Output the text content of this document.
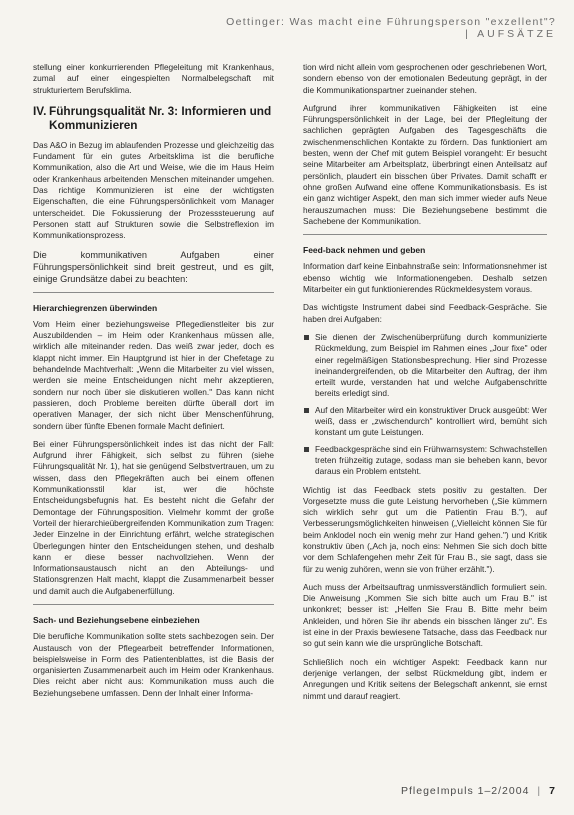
Oettinger: Was macht eine Führungsperson "exzellent"?| AUFSÄTZE

stellung einer konkurrierenden Pflegeleitung mit Krankenhaus, zumal auf einer eingespielten Normalbelegschaft mit strukturiertem Berufsklima.

IV. Führungsqualität Nr. 3: Informieren und
Kommunizieren

Das A&O in Bezug im ablaufenden Prozesse und gleichzeitig das Fundament für ein gutes Arbeitsklima ist die berufliche Kommunikation, also die Art und Weise, wie die im Haus Heim oder Krankenhaus arbeitenden Menschen miteinander umgehen. Das richtige Kommunizieren ist eine der wichtigsten Eigenschaften, die eine Führungspersönlichkeit vom Manager unterscheidet. Die Fokussierung der Prozesssteuerung auf Personen statt auf Strukturen sowie die Selbstreflexion im Kommunikationsprozess.

Die kommunikativen Aufgaben einer Führungspersönlichkeit sind breit gestreut, und es gilt, einige Grundsätze dabei zu beachten:

Hierarchiegrenzen überwinden

Vom Heim einer beziehungsweise Pflegedienstleiter bis zur Auszubildenden – im Heim oder Krankenhaus müssen alle, wirklich alle miteinander reden. Das weiß zwar jeder, doch es klappt nicht immer. Ein Hauptgrund ist hier in der Chefetage zu behandelnde Machtverhalt: „Wenn die Mitarbeiter zu viel wissen, werden sie meine Entscheidungen nicht mehr akzeptieren, sondern nur noch über sie diskutieren wollen." Das kann nicht passieren, doch Probleme bereiten dürfte überall dort im operativen Manager, der sich nicht über Menschenführung, sondern über fünfte Ebenen formale Macht definiert.

Bei einer Führungspersönlichkeit indes ist das nicht der Fall: Aufgrund ihrer Fähigkeit, sich selbst zu führen (siehe Führungsqualität Nr. 1), hat sie genügend Selbstvertrauen, um zu wissen, dass den Pflegekräften auch bei einem offenen Kommunikationsstil klar ist, wer die höchste Entscheidungsbefugnis hat. Es besteht nicht die Gefahr der Demontage der Führungsposition. Vielmehr kommt der große Vorteil der hierarchieübergreifenden Kommunikation zum Tragen: Jeder Einzelne in der Einrichtung erfährt, welche strategischen Überlegungen hinter den Entscheidungen stehen, und deshalb kann er diese besser nachvollziehen. Wenn der Informationsaustausch nicht an den Abteilungs- und Stationsgrenzen Halt macht, klappt die Zusammenarbeit besser und damit auch die Aufgabenerfüllung.

Sach- und Beziehungsebene einbeziehen

Die berufliche Kommunikation sollte stets sachbezogen sein. Der Austausch von der Pflegearbeit betreffender Informationen, beispielsweise in Form des Patientenblattes, ist die Basis der organisierten Zusammenarbeit auch im Heim oder Krankenhaus. Dies reicht aber nicht aus: Kommunikation muss auch die Beziehungsebene umfassen. Denn der Inhalt einer Informa-

tion wird nicht allein vom gesprochenen oder geschriebenen Wort, sondern ebenso von der emotionalen Bedeutung geprägt, in der die Kommunikationspartner zueinander stehen.

Aufgrund ihrer kommunikativen Fähigkeiten ist eine Führungspersönlichkeit in der Lage, bei der Pflegleitung der sachlichen geprägten Aufgaben des Tagesgeschäfts die zwischenmenschlichen Kontakte zu fördern. Das funktioniert am besten, wenn der Chef mit gutem Beispiel vorangeht: Er besucht seine Mitarbeiter am Arbeitsplatz, überbringt einen Anteilsatz auf persönlich, plaudert ein bisschen über Privates. Damit schafft er ohne großen Aufwand eine offene Kommunikationsbasis. Es ist ein ganz wichtiger Aspekt, den man sich immer wieder aufs Neue herauszumachen muss: Die Beziehungsebene bestimmt die Sachebene der Kommunikation.

Feed-back nehmen und geben

Information darf keine Einbahnstraße sein: Informationsnehmer ist ebenso wichtig wie Informationengeben. Deshalb setzen Mitarbeiter ein gut funktionierendes Rückmeldesystem voraus.

Das wichtigste Instrument dabei sind Feedback-Gespräche. Sie haben drei Aufgaben:

Sie dienen der Zwischenüberprüfung durch kommunizierte Rückmeldung, zum Beispiel im Rahmen eines „Jour fixe" oder einer regelmäßigen Stationsbesprechung. Hier sind Prozesse ineinandergreifenden, ob die Mitarbeiter den Auftrag, der ihm erteilt wurde, verstanden hat und welche Aufgabenschritte bereits erledigt sind.
Auf den Mitarbeiter wird ein konstruktiver Druck ausgeübt: Wer weiß, dass er „zwischendurch" kontrolliert wird, bemüht sich konstant um gute Leistungen.
Feedbackgespräche sind ein Frühwarnsystem: Schwachstellen treten frühzeitig zutage, sodass man sie beheben kann, bevor daraus ein Problem entsteht.

Wichtig ist das Feedback stets positiv zu gestalten. Der Vorgesetzte muss die gute Leistung hervorheben („Sie kümmern sich wirklich sehr gut um die Patientin Frau B."), auf Verbesserungsmöglichkeiten hinweisen („Vielleicht können Sie für beim Anklodel noch ein wenig mehr zur Hand gehen.") und Kritik konstruktiv üben („Ach ja, noch eins: Nehmen Sie sich doch bitte vor dem Schlafengehen mehr Zeit für Frau B., sie sagt, dass sie für zu wenig zuhören, wenn sie von früher erzählt.").

Auch muss der Arbeitsauftrag unmissverständlich formuliert sein. Die Anweisung „Kommen Sie sich bitte auch um Frau B." ist unkonkret; besser ist: „Helfen Sie Frau B. Bitte mehr beim Ankleiden, und hören Sie ihr abends ein bisschen länger zu". Es ist eine in der Praxis bewiesene Tatsache, dass das Feedback nur so gut sein kann wie die ursprüngliche Botschaft.

Schließlich noch ein wichtiger Aspekt: Feedback kann nur derjenige verlangen, der selbst Rückmeldung gibt, indem er Anregungen und Kritik seitens der Belegschaft ankennt, sie ernst nimmt und darauf reagiert.

PflegeImpuls 1–2/2004 | 7
